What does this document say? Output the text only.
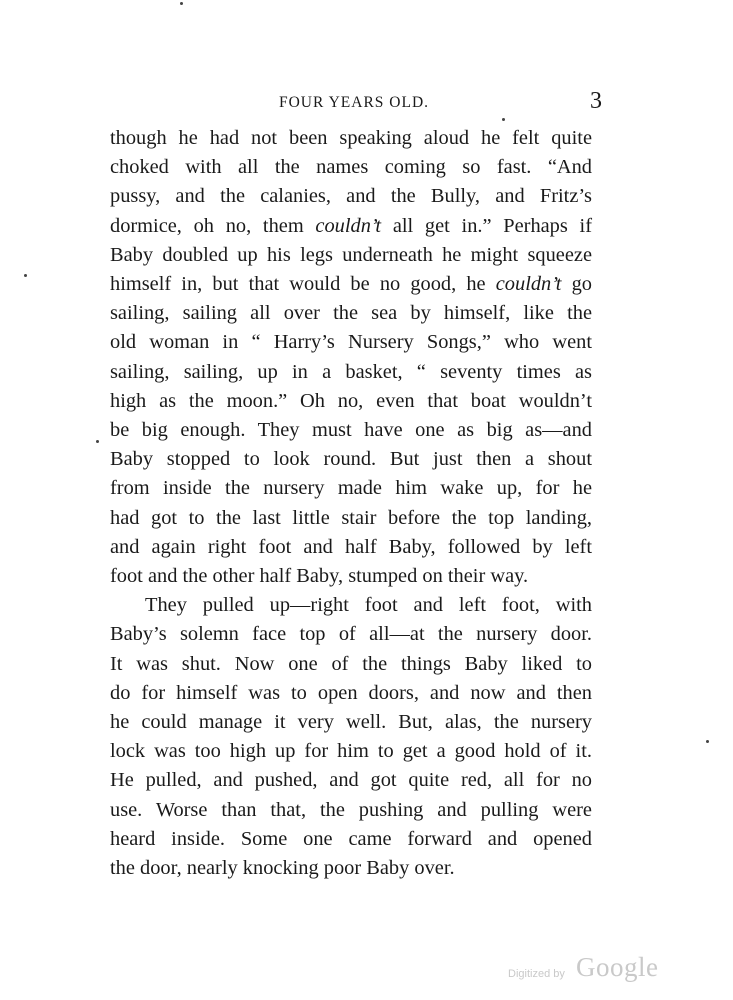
FOUR YEARS OLD.	3

though he had not been speaking aloud he felt quite
choked with all the names coming so fast. “And
pussy, and the calanies, and the Bully, and Fritz’s
dormice, oh no, them couldn’t all get in.” Perhaps if
Baby doubled up his legs underneath he might squeeze
himself in, but that would be no good, he couldn’t go
sailing, sailing all over the sea by himself, like the
old woman in “ Harry’s Nursery Songs,” who went
sailing, sailing, up in a basket, “ seventy times as
high as the moon.” Oh no, even that boat wouldn’t
be big enough. They must have one as big as—and
Baby stopped to look round. But just then a shout
from inside the nursery made him wake up, for he
had got to the last little stair before the top landing,
and again right foot and half Baby, followed by left
foot and the other half Baby, stumped on their way.

They pulled up—right foot and left foot, with
Baby’s solemn face top of all—at the nursery door.
It was shut. Now one of the things Baby liked to
do for himself was to open doors, and now and then
he could manage it very well. But, alas, the nursery
lock was too high up for him to get a good hold of it.
He pulled, and pushed, and got quite red, all for no
use. Worse than that, the pushing and pulling were
heard inside. Some one came forward and opened
the door, nearly knocking poor Baby over.

Digitized by Google
